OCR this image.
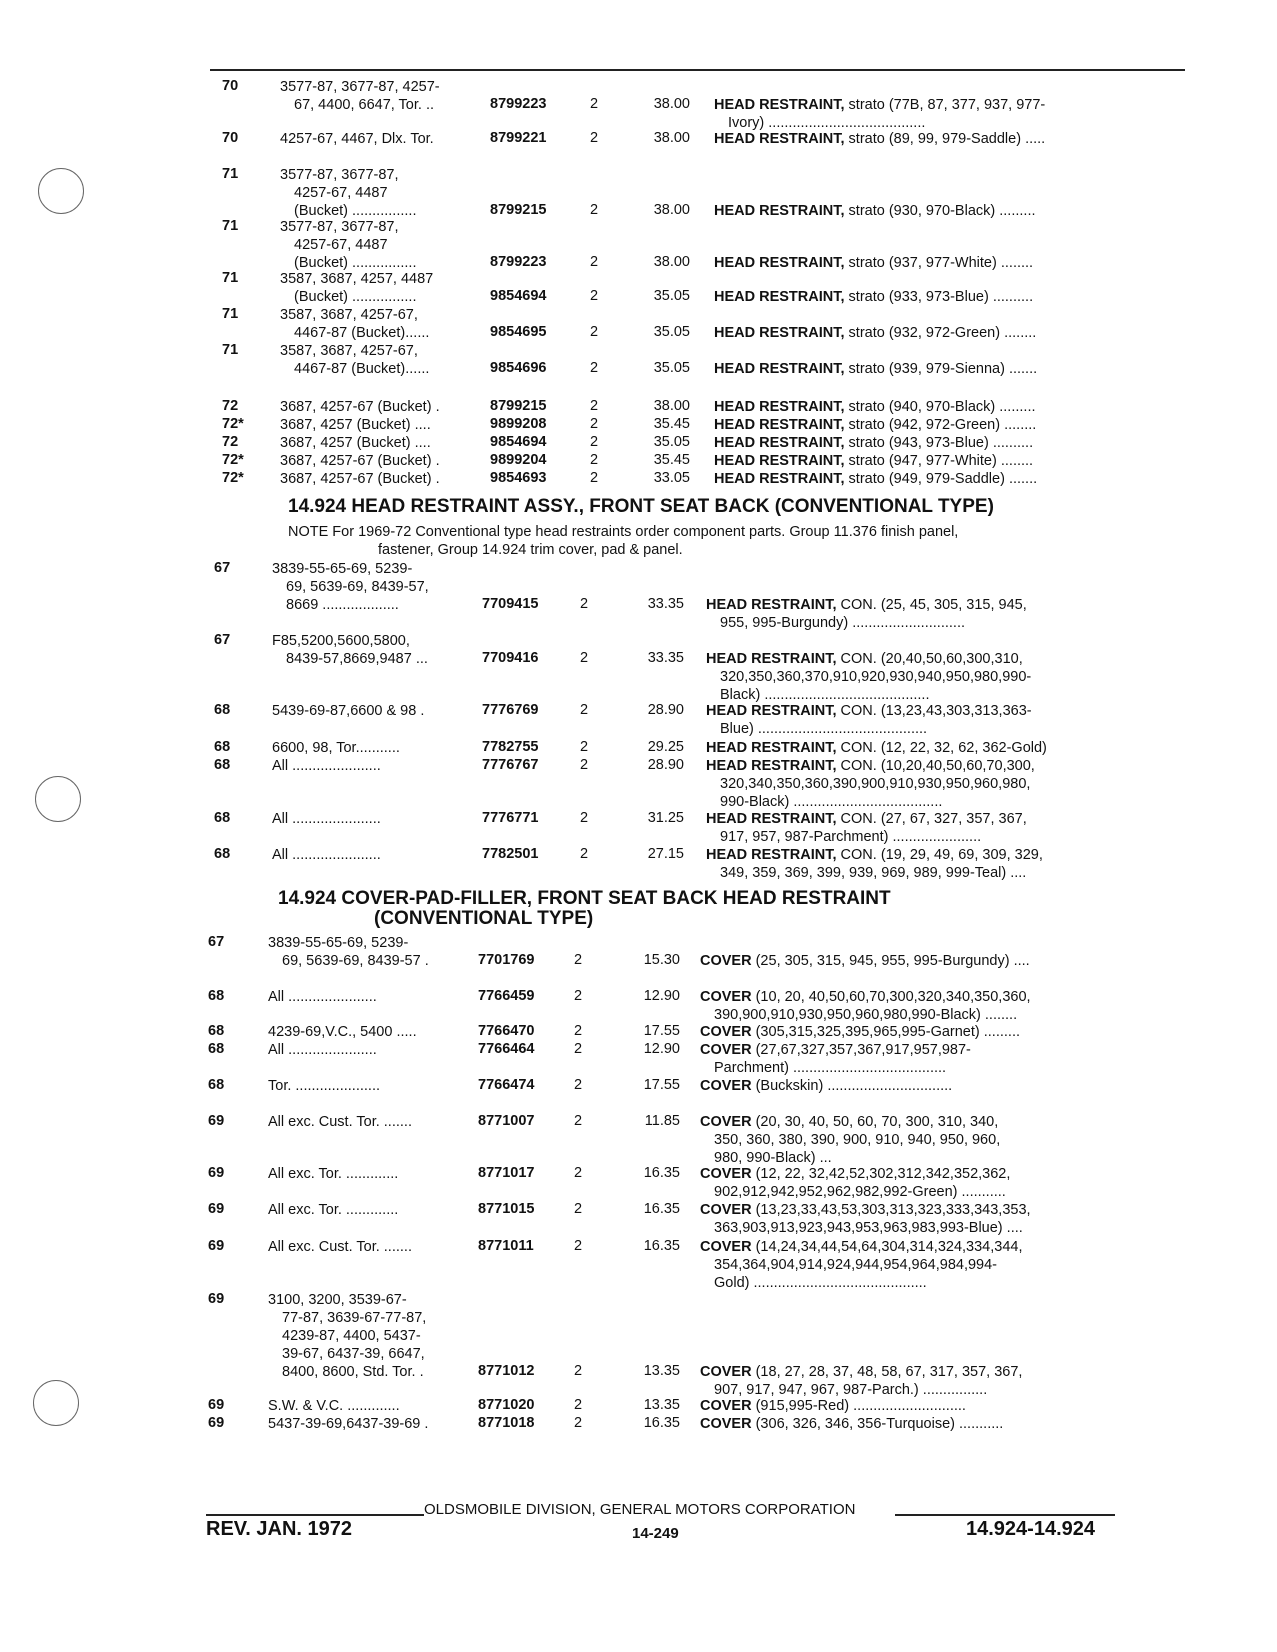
70	3577-87, 3677-87, 4257-
67, 4400, 6647, Tor. ..	8799223	2	38.00 HEAD RESTRAINT, strato (77B, 87, 377, 937, 977-
Ivory) .......................................
70	4257-67, 4467, Dlx. Tor.	8799221	2	38.00 HEAD RESTRAINT, strato (89, 99, 979-Saddle) .....
71	3577-87, 3677-87,
4257-67, 4487
(Bucket) ................	8799215	2	38.00 HEAD RESTRAINT, strato (930, 970-Black) .........
71	3577-87, 3677-87,
4257-67, 4487
(Bucket) ................	8799223	2	38.00 HEAD RESTRAINT, strato (937, 977-White) ........
71	3587, 3687, 4257, 4487
(Bucket) ................	9854694	2	35.05 HEAD RESTRAINT, strato (933, 973-Blue) ..........
71	3587, 3687, 4257-67,
4467-87 (Bucket)......	9854695	2	35.05 HEAD RESTRAINT, strato (932, 972-Green) ........
71	3587, 3687, 4257-67,
4467-87 (Bucket)......	9854696	2	35.05 HEAD RESTRAINT, strato (939, 979-Sienna) .......
72	3687, 4257-67 (Bucket) .	8799215	2	38.00 HEAD RESTRAINT, strato (940, 970-Black) .........
72*	3687, 4257 (Bucket) ....	9899208	2	35.45 HEAD RESTRAINT, strato (942, 972-Green) ........
72	3687, 4257 (Bucket) ....	9854694	2	35.05 HEAD RESTRAINT, strato (943, 973-Blue) ..........
72*	3687, 4257-67 (Bucket) .	9899204	2	35.45 HEAD RESTRAINT, strato (947, 977-White) ........
72*	3687, 4257-67 (Bucket) .	9854693	2	33.05 HEAD RESTRAINT, strato (949, 979-Saddle) .......
14.924 HEAD RESTRAINT ASSY., FRONT SEAT BACK (CONVENTIONAL TYPE)
NOTE For 1969-72 Conventional type head restraints order component parts. Group 11.376 finish panel,
fastener, Group 14.924 trim cover, pad & panel.
67	3839-55-65-69, 5239-
69, 5639-69, 8439-57,
8669 ...................	7709415	2	33.35 HEAD RESTRAINT, CON. (25, 45, 305, 315, 945,
955, 995-Burgundy) ............................
67	F85,5200,5600,5800,
8439-57,8669,9487 ...	7709416	2	33.35 HEAD RESTRAINT, CON. (20,40,50,60,300,310,
320,350,360,370,910,920,930,940,950,980,990-
Black) .........................................
68	5439-69-87,6600 & 98 .	7776769	2	28.90 HEAD RESTRAINT, CON. (13,23,43,303,313,363-
Blue) ..........................................
68	6600, 98, Tor...........	7782755	2	29.25 HEAD RESTRAINT, CON. (12, 22, 32, 62, 362-Gold)
68	All ......................	7776767	2	28.90 HEAD RESTRAINT, CON. (10,20,40,50,60,70,300,
320,340,350,360,390,900,910,930,950,960,980,
990-Black) .....................................
68	All ......................	7776771	2	31.25 HEAD RESTRAINT, CON. (27, 67, 327, 357, 367,
917, 957, 987-Parchment) ......................
68	All ......................	7782501	2	27.15 HEAD RESTRAINT, CON. (19, 29, 49, 69, 309, 329,
349, 359, 369, 399, 939, 969, 989, 999-Teal) ....
14.924 COVER-PAD-FILLER, FRONT SEAT BACK HEAD RESTRAINT
(CONVENTIONAL TYPE)
67	3839-55-65-69, 5239-
69, 5639-69, 8439-57 .	7701769	2	15.30 COVER (25, 305, 315, 945, 955, 995-Burgundy) ....
68	All ......................	7766459	2	12.90 COVER (10, 20, 40,50,60,70,300,320,340,350,360,
390,900,910,930,950,960,980,990-Black) ........
68	4239-69,V.C., 5400 .....	7766470	2	17.55 COVER (305,315,325,395,965,995-Garnet) .........
68	All ......................	7766464	2	12.90 COVER (27,67,327,357,367,917,957,987-
Parchment) ......................................
68	Tor. .....................	7766474	2	17.55 COVER (Buckskin) ...............................
69	All exc. Cust. Tor. .......	8771007	2	11.85 COVER (20, 30, 40, 50, 60, 70, 300, 310, 340,
350, 360, 380, 390, 900, 910, 940, 950, 960,
980, 990-Black) ...
69	All exc. Tor. .............	8771017	2	16.35 COVER (12, 22, 32,42,52,302,312,342,352,362,
902,912,942,952,962,982,992-Green) ...........
69	All exc. Tor. .............	8771015	2	16.35 COVER (13,23,33,43,53,303,313,323,333,343,353,
363,903,913,923,943,953,963,983,993-Blue) ....
69	All exc. Cust. Tor. .......	8771011	2	16.35 COVER (14,24,34,44,54,64,304,314,324,334,344,
354,364,904,914,924,944,954,964,984,994-
Gold) ...........................................
69	3100, 3200, 3539-67-
77-87, 3639-67-77-87,
4239-87, 4400, 5437-
39-67, 6437-39, 6647,
8400, 8600, Std. Tor. .	8771012	2	13.35 COVER (18, 27, 28, 37, 48, 58, 67, 317, 357, 367,
907, 917, 947, 967, 987-Parch.) ................
69	S.W. & V.C. .............	8771020	2	13.35 COVER (915,995-Red) ............................
69	5437-39-69,6437-39-69 .	8771018	2	16.35 COVER (306, 326, 346, 356-Turquoise) ...........
OLDSMOBILE DIVISION, GENERAL MOTORS CORPORATION
REV. JAN. 1972	14-249	14.924-14.924
